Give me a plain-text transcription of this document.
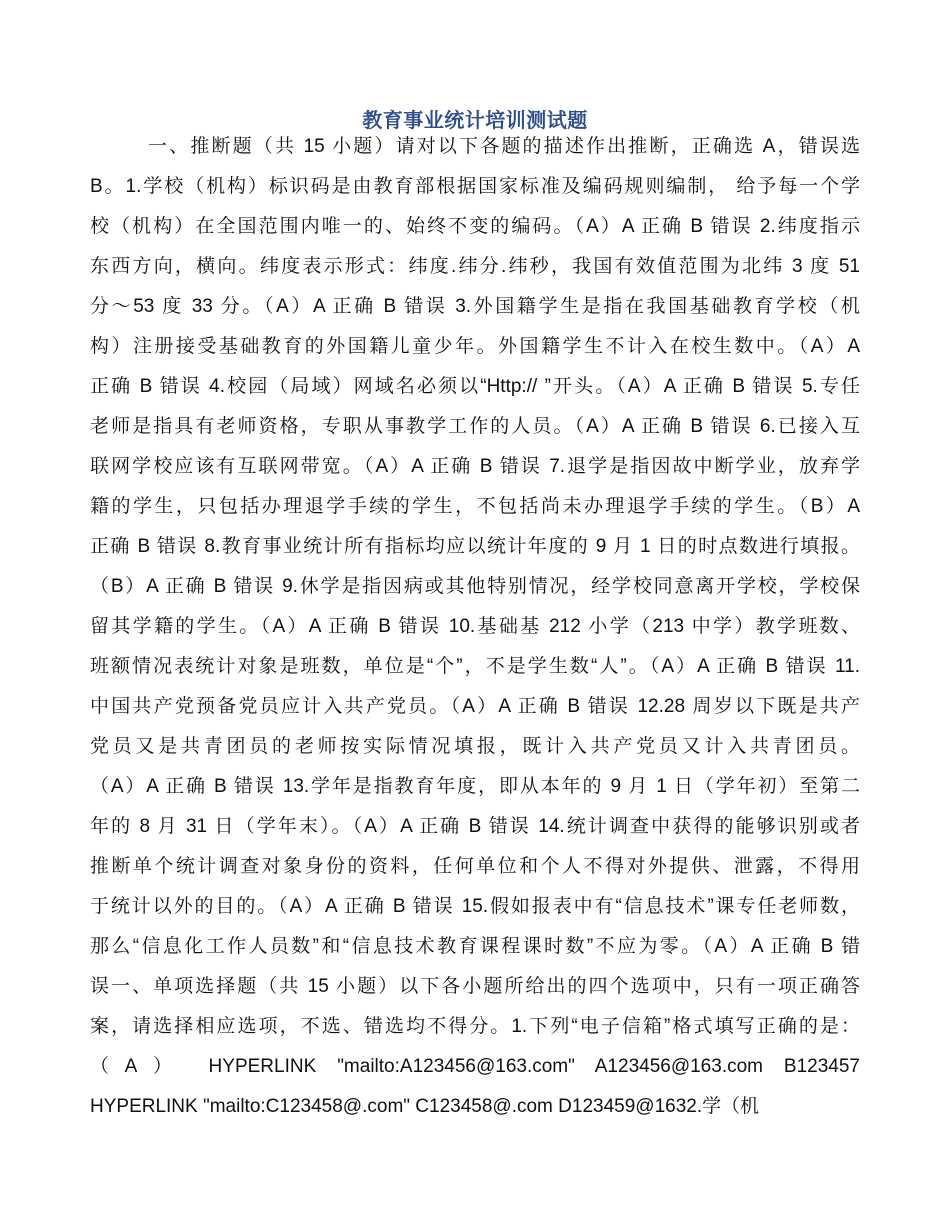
教育事业统计培训测试题
一、推断题（共 15 小题）请对以下各题的描述作出推断，正确选 A，错误选
B。1.学校（机构）标识码是由教育部根据国家标准及编码规则编制， 给予每一个学
校（机构）在全国范围内唯一的、始终不变的编码。（A）A 正确 B 错误 2.纬度指示
东西方向，横向。纬度表示形式：纬度.纬分.纬秒，我国有效值范围为北纬 3 度 51
分～53 度 33 分。（A）A 正确 B 错误 3.外国籍学生是指在我国基础教育学校（机
构）注册接受基础教育的外国籍儿童少年。外国籍学生不计入在校生数中。（A）A
正确 B 错误 4.校园（局域）网域名必须以“Http:// ”开头。（A）A 正确 B 错误 5.专任
老师是指具有老师资格，专职从事教学工作的人员。（A）A 正确 B 错误 6.已接入互
联网学校应该有互联网带宽。（A）A 正确 B 错误 7.退学是指因故中断学业，放弃学
籍的学生，只包括办理退学手续的学生，不包括尚未办理退学手续的学生。（B）A
正确 B 错误 8.教育事业统计所有指标均应以统计年度的 9 月 1 日的时点数进行填报。
（B）A 正确 B 错误 9.休学是指因病或其他特别情况，经学校同意离开学校，学校保
留其学籍的学生。（A）A 正确 B 错误 10.基础基 212 小学（213 中学）教学班数、
班额情况表统计对象是班数，单位是“个”，不是学生数“人”。（A）A 正确 B 错误 11.
中国共产党预备党员应计入共产党员。（A）A 正确 B 错误 12.28 周岁以下既是共产
党员又是共青团员的老师按实际情况填报，既计入共产党员又计入共青团员。
（A）A 正确 B 错误 13.学年是指教育年度，即从本年的 9 月 1 日（学年初）至第二
年的 8 月 31 日（学年末）。（A）A 正确 B 错误 14.统计调查中获得的能够识别或者
推断单个统计调查对象身份的资料，任何单位和个人不得对外提供、泄露，不得用
于统计以外的目的。（A）A 正确 B 错误 15.假如报表中有“信息技术”课专任老师数，
那么“信息化工作人员数”和“信息技术教育课程课时数”不应为零。（A）A 正确 B 错
误一、单项选择题（共 15 小题）以下各小题所给出的四个选项中，只有一项正确答
案，请选择相应选项，不选、错选均不得分。1.下列“电子信箱”格式填写正确的是：
（A） HYPERLINK "mailto:A123456@163.com" A123456@163.com B123457
HYPERLINK "mailto:C123458@.com" C123458@.com D123459@1632.学（机
